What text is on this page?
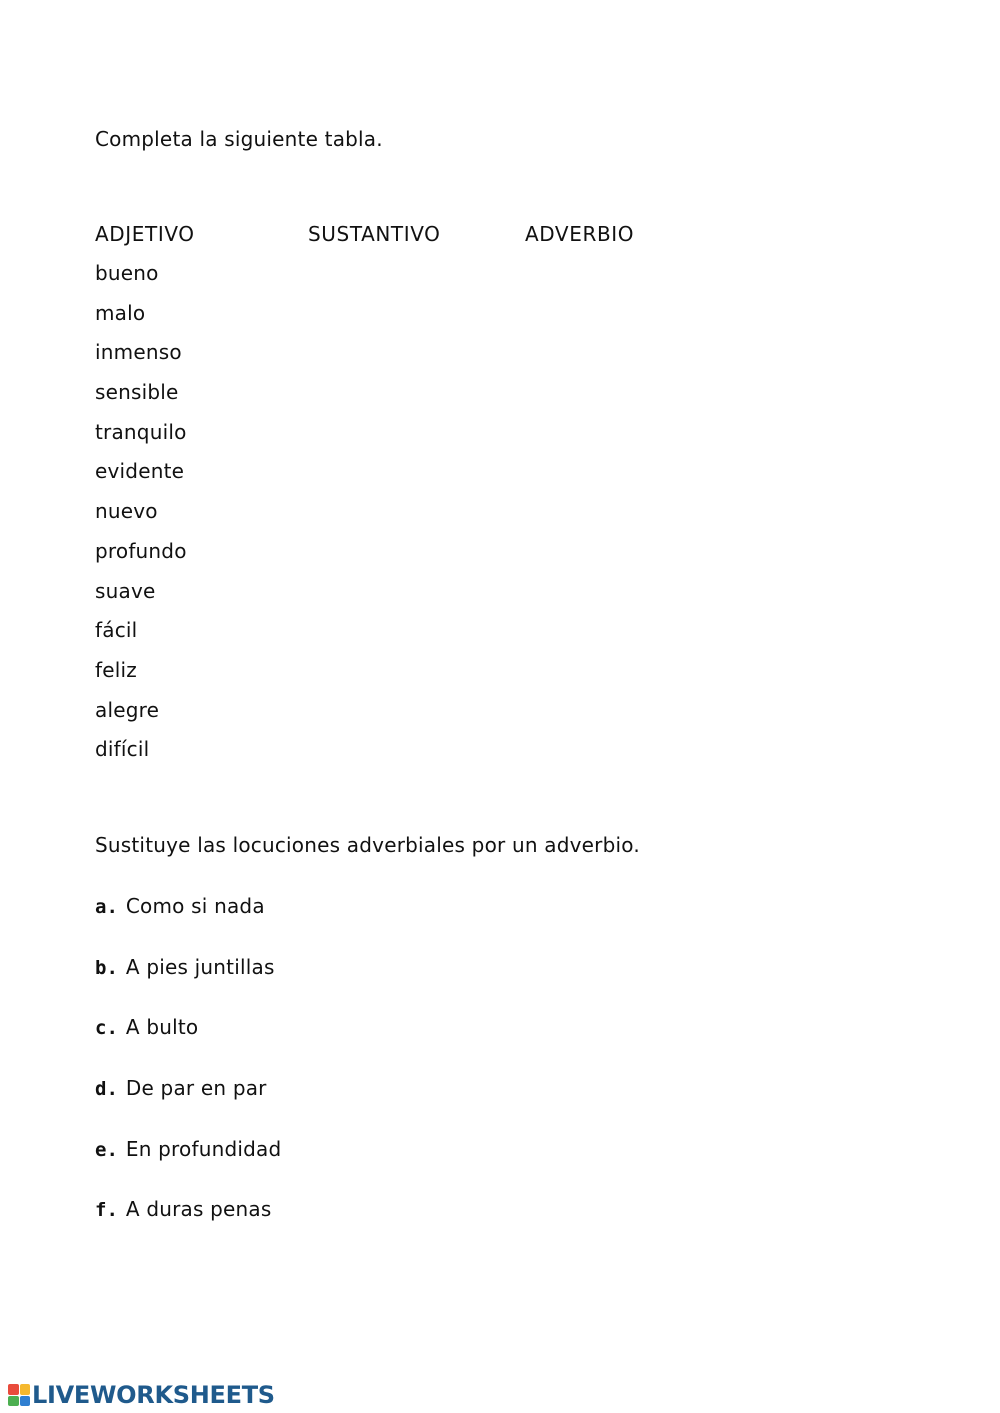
Completa la siguiente tabla.
ADJETIVO	SUSTANTIVO	ADVERBIO
bueno
malo
inmenso
sensible
tranquilo
evidente
nuevo
profundo
suave
fácil
feliz
alegre
difícil
Sustituye las locuciones adverbiales por un adverbio.
a. Como si nada
b. A pies juntillas
c. A bulto
d. De par en par
e. En profundidad
f. A duras penas
LIVEWORKSHEETS
